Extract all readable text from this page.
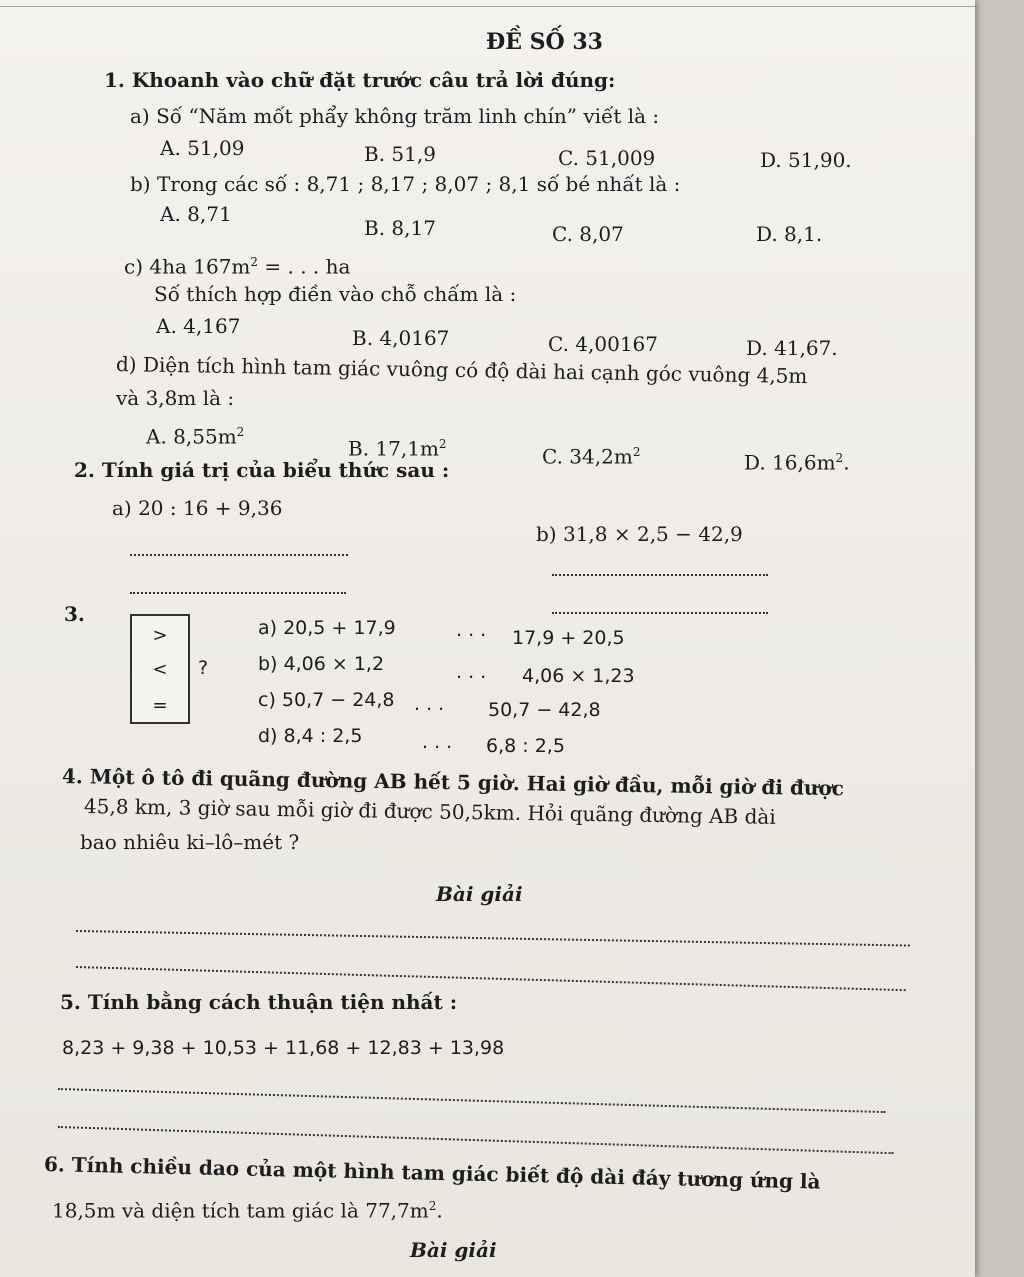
ĐỀ SỐ 33
1. Khoanh vào chữ đặt trước câu trả lời đúng:
a) Số “Năm mốt phẩy không trăm linh chín” viết là :
A. 51,09	B. 51,9	C. 51,009	D. 51,90.
b) Trong các số : 8,71 ; 8,17 ; 8,07 ; 8,1 số bé nhất là :
A. 8,71
B. 8,17	C. 8,07	D. 8,1.
c) 4ha $167m^2$ = . . . ha
Số thích hợp điền vào chỗ chấm là :
A. 4,167	B. 4,0167	C. 4,00167	D. 41,67.
d) Diện tích hình tam giác vuông có độ dài hai cạnh góc vuông 4,5m
và 3,8m là :
A. $8,55m^2$
B. $17,1m^2$
C. $34,2m^2$	D. $16,6m^2$.
2. Tính giá trị của biểu thức sau :
a) 20 : 16 + 9,36
b) 31,8 × 2,5 − 42,9
3.
>
<
=
?
a) 20,5 + 17,9	. . . 17,9 + 20,5
b) 4,06 × 1,2	. . . 4,06 × 1,23
c) 50,7 − 24,8 . . . 50,7 − 42,8
d) 8,4 : 2,5	. . . 6,8 : 2,5
4. Một ô tô đi quãng đường AB hết 5 giờ. Hai giờ đầu, mỗi giờ đi được
45,8 km, 3 giờ sau mỗi giờ đi được 50,5km. Hỏi quãng đường AB dài
bao nhiêu ki–lô–mét ?
Bài giải
5. Tính bằng cách thuận tiện nhất :
8,23 + 9,38 + 10,53 + 11,68 + 12,83 + 13,98
6. Tính chiều dao của một hình tam giác biết độ dài đáy tương ứng là
18,5m và diện tích tam giác là $77,7m^2$.
Bài giải
